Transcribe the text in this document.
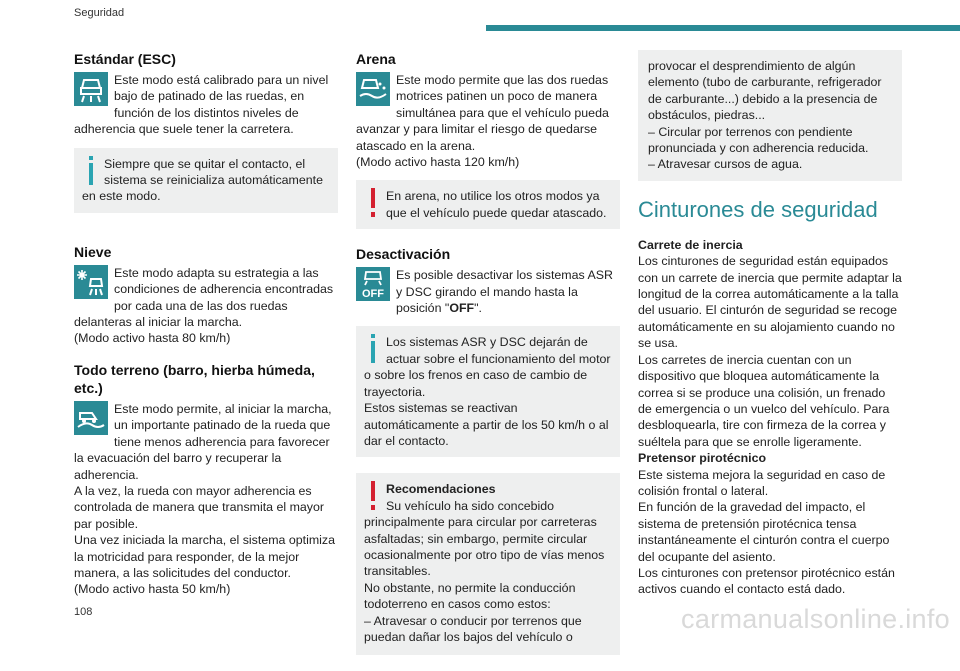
Seguridad
Estándar (ESC)

Este modo está calibrado para un nivel bajo de patinado de las ruedas, en función de los distintos niveles de adherencia que suele tener la carretera.

Siempre que se quitar el contacto, el sistema se reinicializa automáticamente en este modo.

Nieve

Este modo adapta su estrategia a las condiciones de adherencia encontradas por cada una de las dos ruedas delanteras al iniciar la marcha.

(Modo activo hasta 80 km/h)

Todo terreno (barro, hierba húmeda, etc.)

Este modo permite, al iniciar la marcha, un importante patinado de la rueda que tiene menos adherencia para favorecer la evacuación del barro y recuperar la adherencia.

A la vez, la rueda con mayor adherencia es controlada de manera que transmita el mayor par posible.

Una vez iniciada la marcha, el sistema optimiza la motricidad para responder, de la mejor manera, a las solicitudes del conductor.

(Modo activo hasta 50 km/h)

Arena

Este modo permite que las dos ruedas motrices patinen un poco de manera simultánea para que el vehículo pueda avanzar y para limitar el riesgo de quedarse atascado en la arena.

(Modo activo hasta 120 km/h)

En arena, no utilice los otros modos ya que el vehículo puede quedar atascado.

Desactivación
OFF

Es posible desactivar los sistemas ASR y DSC girando el mando hasta la posición "OFF".

Los sistemas ASR y DSC dejarán de actuar sobre el funcionamiento del motor o sobre los frenos en caso de cambio de trayectoria.

Estos sistemas se reactivan automáticamente a partir de los 50 km/h o al dar el contacto.

Recomendaciones

Su vehículo ha sido concebido principalmente para circular por carreteras asfaltadas; sin embargo, permite circular ocasionalmente por otro tipo de vías menos transitables.

No obstante, no permite la conducción todoterreno en casos como estos:

– Atravesar o conducir por terrenos que puedan dañar los bajos del vehículo o

provocar el desprendimiento de algún elemento (tubo de carburante, refrigerador de carburante...) debido a la presencia de obstáculos, piedras...

– Circular por terrenos con pendiente pronunciada y con adherencia reducida.

– Atravesar cursos de agua.

Cinturones de seguridad

Carrete de inercia

Los cinturones de seguridad están equipados con un carrete de inercia que permite adaptar la longitud de la correa automáticamente a la talla del usuario. El cinturón de seguridad se recoge automáticamente en su alojamiento cuando no se usa.

Los carretes de inercia cuentan con un dispositivo que bloquea automáticamente la correa si se produce una colisión, un frenado de emergencia o un vuelco del vehículo. Para desbloquearla, tire con firmeza de la correa y suéltela para que se enrolle ligeramente.

Pretensor pirotécnico

Este sistema mejora la seguridad en caso de colisión frontal o lateral.

En función de la gravedad del impacto, el sistema de pretensión pirotécnica tensa instantáneamente el cinturón contra el cuerpo del ocupante del asiento.

Los cinturones con pretensor pirotécnico están activos cuando el contacto está dado.

108	carmanualsonline.info
